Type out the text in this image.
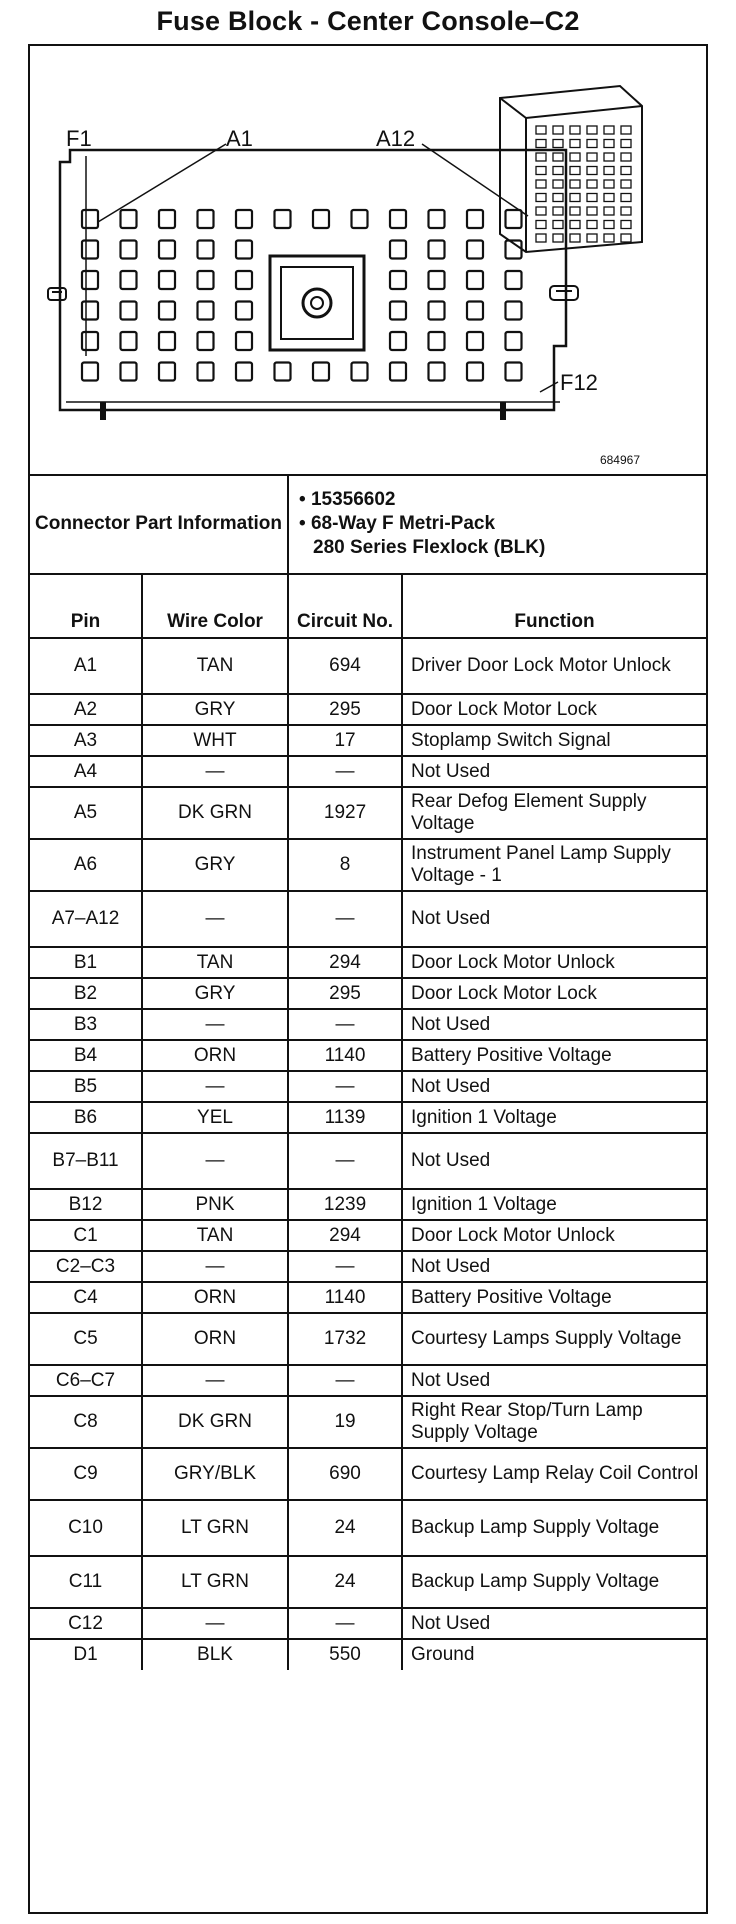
Fuse Block - Center Console–C2
F1	A1	A12
F12
684967
Connector Part Information		• 15356602
• 68-Way F Metri-Pack
280 Series Flexlock (BLK)	

Pin	Wire Color	Circuit No.	Function
A1	TAN	694	Driver Door Lock Motor Unlock
A2	GRY	295	Door Lock Motor Lock
A3	WHT	17	Stoplamp Switch Signal
A4	—	—	Not Used
A5	DK GRN	1927	Rear Defog Element Supply Voltage
A6	GRY	8	Instrument Panel Lamp Supply Voltage - 1
A7–A12	—	—	Not Used
B1	TAN	294	Door Lock Motor Unlock
B2	GRY	295	Door Lock Motor Lock
B3	—	—	Not Used
B4	ORN	1140	Battery Positive Voltage
B5	—	—	Not Used
B6	YEL	1139	Ignition 1 Voltage
B7–B11	—	—	Not Used
B12	PNK	1239	Ignition 1 Voltage
C1	TAN	294	Door Lock Motor Unlock
C2–C3	—	—	Not Used
C4	ORN	1140	Battery Positive Voltage
C5	ORN	1732	Courtesy Lamps Supply Voltage
C6–C7	—	—	Not Used
C8	DK GRN	19	Right Rear Stop/Turn Lamp Supply Voltage
C9	GRY/BLK	690	Courtesy Lamp Relay Coil Control
C10	LT GRN	24	Backup Lamp Supply Voltage
C11	LT GRN	24	Backup Lamp Supply Voltage
C12	—	—	Not Used
D1	BLK	550	Ground
